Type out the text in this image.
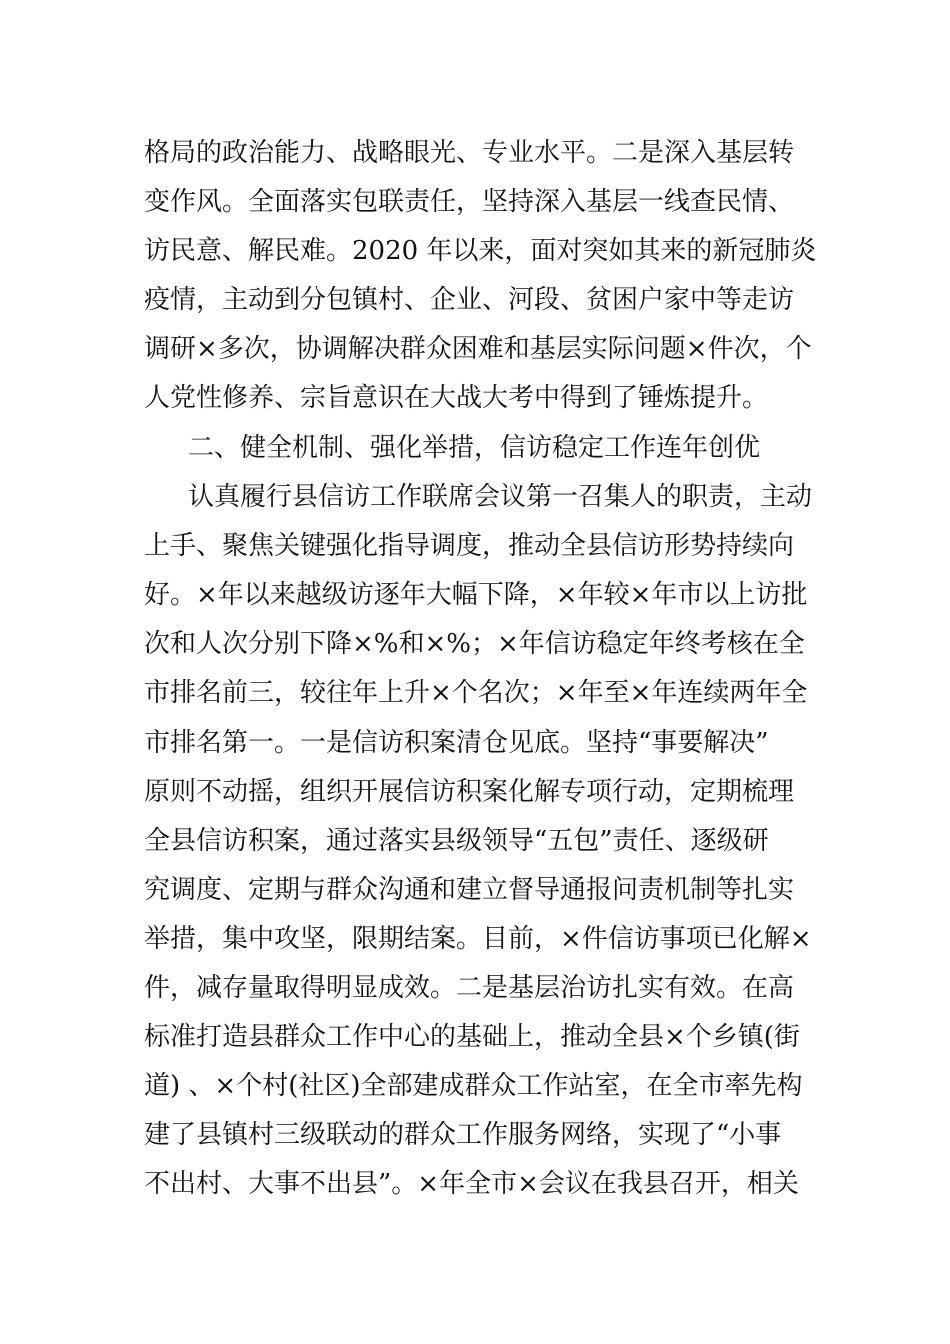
格局的政治能力、战略眼光、专业水平。二是深入基层转
变作风。全面落实包联责任，坚持深入基层一线查民情、
访民意、解民难。2020 年以来，面对突如其来的新冠肺炎
疫情，主动到分包镇村、企业、河段、贫困户家中等走访
调研×多次，协调解决群众困难和基层实际问题×件次，个
人党性修养、宗旨意识在大战大考中得到了锤炼提升。
二、健全机制、强化举措，信访稳定工作连年创优
认真履行县信访工作联席会议第一召集人的职责，主动
上手、聚焦关键强化指导调度，推动全县信访形势持续向
好。×年以来越级访逐年大幅下降，×年较×年市以上访批
次和人次分别下降×%和×%；×年信访稳定年终考核在全
市排名前三，较往年上升×个名次；×年至×年连续两年全
市排名第一。一是信访积案清仓见底。坚持“事要解决”
原则不动摇，组织开展信访积案化解专项行动，定期梳理
全县信访积案，通过落实县级领导“五包”责任、逐级研
究调度、定期与群众沟通和建立督导通报问责机制等扎实
举措，集中攻坚，限期结案。目前，×件信访事项已化解×
件，减存量取得明显成效。二是基层治访扎实有效。在高
标准打造县群众工作中心的基础上，推动全县×个乡镇(街
道) 、×个村(社区)全部建成群众工作站室，在全市率先构
建了县镇村三级联动的群众工作服务网络，实现了“小事
不出村、大事不出县”。×年全市×会议在我县召开，相关
